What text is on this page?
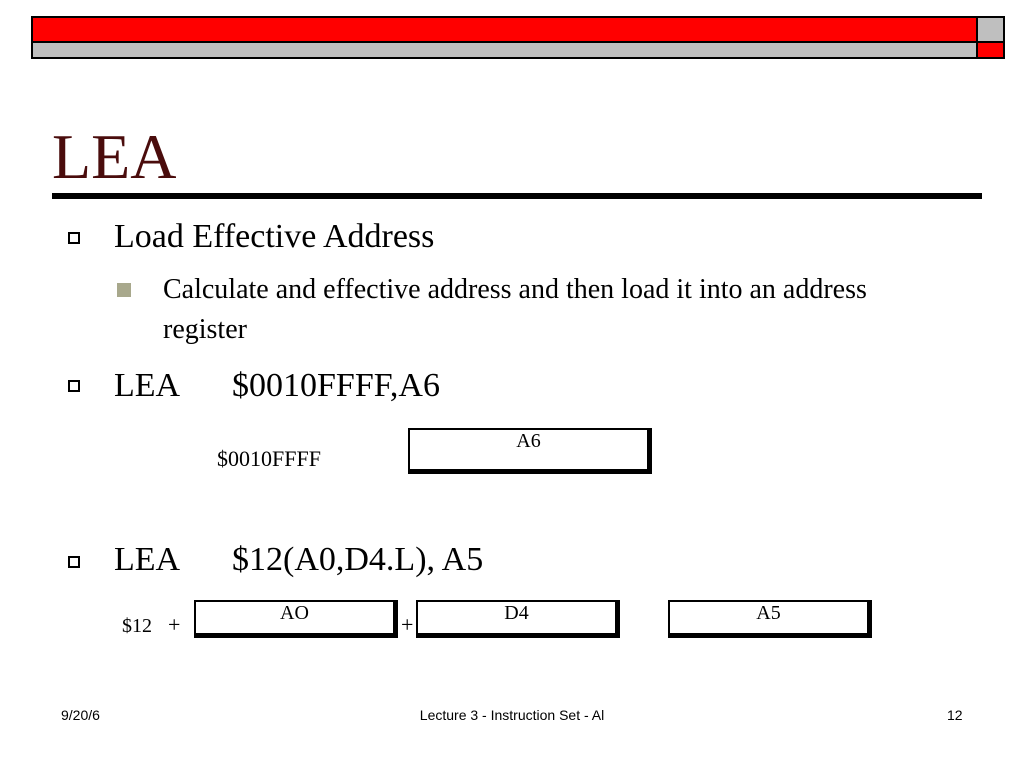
LEA
Load Effective Address
Calculate and effective address and then load it into an address register
LEA $0010FFFF,A6
$0010FFFF
A6
LEA $12(A0,D4.L), A5
$12 +	AO	+	D4	A5
9/20/6	Lecture 3 - Instruction Set - Al	12
